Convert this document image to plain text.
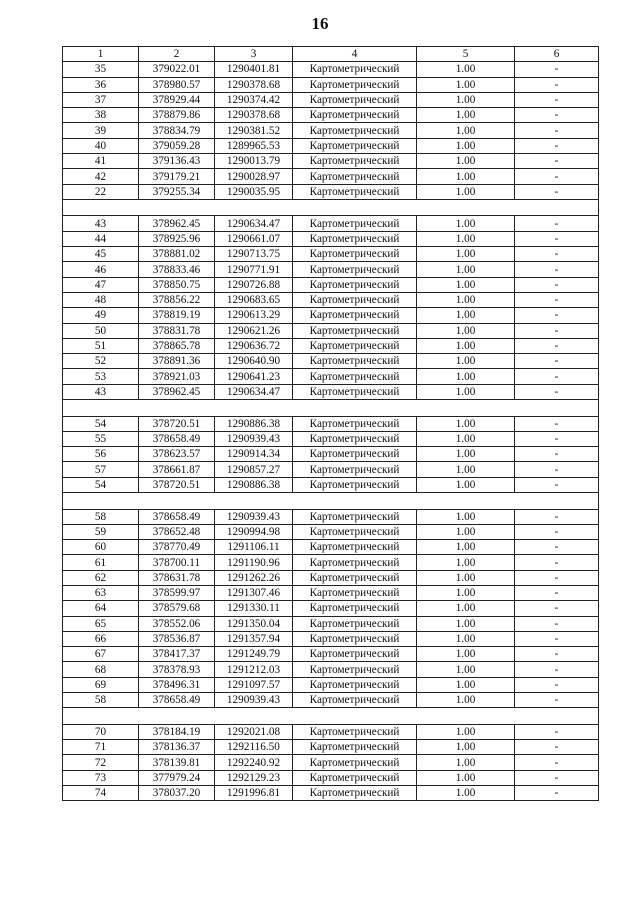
16
1	2	3	4	5	6
35	379022.01	1290401.81	Картометрический	1.00	-
36	378980.57	1290378.68	Картометрический	1.00	-
37	378929.44	1290374.42	Картометрический	1.00	-
38	378879.86	1290378.68	Картометрический	1.00	-
39	378834.79	1290381.52	Картометрический	1.00	-
40	379059.28	1289965.53	Картометрический	1.00	-
41	379136.43	1290013.79	Картометрический	1.00	-
42	379179.21	1290028.97	Картометрический	1.00	-
22	379255.34	1290035.95	Картометрический	1.00	-

43	378962.45	1290634.47	Картометрический	1.00	-
44	378925.96	1290661.07	Картометрический	1.00	-
45	378881.02	1290713.75	Картометрический	1.00	-
46	378833.46	1290771.91	Картометрический	1.00	-
47	378850.75	1290726.88	Картометрический	1.00	-
48	378856.22	1290683.65	Картометрический	1.00	-
49	378819.19	1290613.29	Картометрический	1.00	-
50	378831.78	1290621.26	Картометрический	1.00	-
51	378865.78	1290636.72	Картометрический	1.00	-
52	378891.36	1290640.90	Картометрический	1.00	-
53	378921.03	1290641.23	Картометрический	1.00	-
43	378962.45	1290634.47	Картометрический	1.00	-

54	378720.51	1290886.38	Картометрический	1.00	-
55	378658.49	1290939.43	Картометрический	1.00	-
56	378623.57	1290914.34	Картометрический	1.00	-
57	378661.87	1290857.27	Картометрический	1.00	-
54	378720.51	1290886.38	Картометрический	1.00	-

58	378658.49	1290939.43	Картометрический	1.00	-
59	378652.48	1290994.98	Картометрический	1.00	-
60	378770.49	1291106.11	Картометрический	1.00	-
61	378700.11	1291190.96	Картометрический	1.00	-
62	378631.78	1291262.26	Картометрический	1.00	-
63	378599.97	1291307.46	Картометрический	1.00	-
64	378579.68	1291330.11	Картометрический	1.00	-
65	378552.06	1291350.04	Картометрический	1.00	-
66	378536.87	1291357.94	Картометрический	1.00	-
67	378417.37	1291249.79	Картометрический	1.00	-
68	378378.93	1291212.03	Картометрический	1.00	-
69	378496.31	1291097.57	Картометрический	1.00	-
58	378658.49	1290939.43	Картометрический	1.00	-

70	378184.19	1292021.08	Картометрический	1.00	-
71	378136.37	1292116.50	Картометрический	1.00	-
72	378139.81	1292240.92	Картометрический	1.00	-
73	377979.24	1292129.23	Картометрический	1.00	-
74	378037.20	1291996.81	Картометрический	1.00	-
